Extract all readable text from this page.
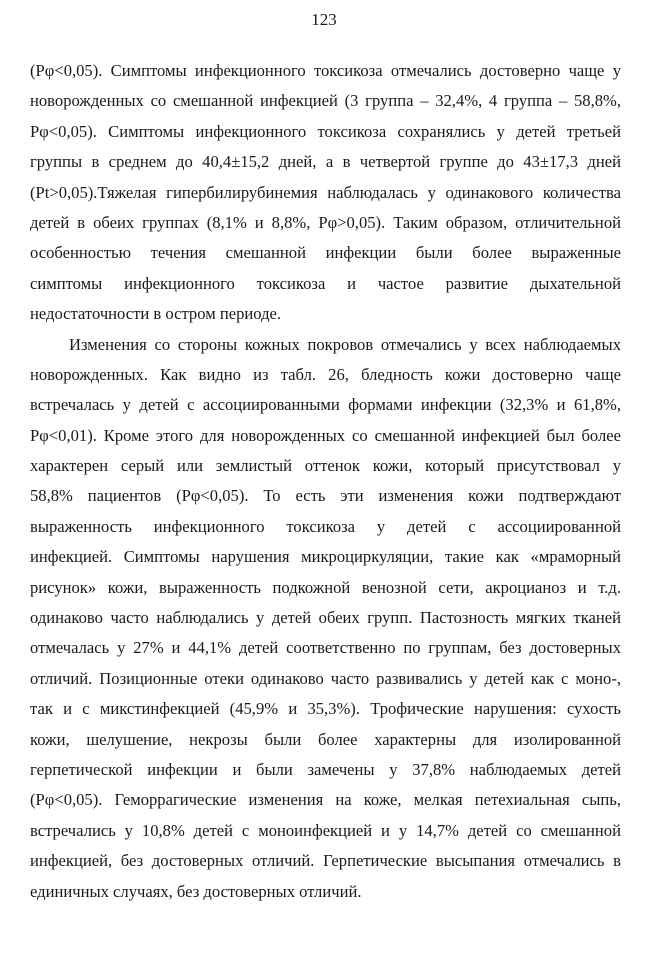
123
(Pφ<0,05). Симптомы инфекционного токсикоза отмечались достоверно чаще у
новорожденных со смешанной инфекцией (3 группа – 32,4%, 4 группа – 58,8%,
Pφ<0,05). Симптомы инфекционного токсикоза сохранялись у детей третьей
группы в среднем до 40,4±15,2 дней, а в четвертой группе до 43±17,3 дней
(Pt>0,05).Тяжелая гипербилирубинемия наблюдалась у одинакового количества
детей в обеих группах (8,1% и 8,8%, Pφ>0,05). Таким образом, отличительной
особенностью течения смешанной инфекции были более выраженные
симптомы инфекционного токсикоза и частое развитие дыхательной
недостаточности в остром периоде.
Изменения со стороны кожных покровов отмечались у всех наблюдаемых
новорожденных. Как видно из табл. 26, бледность кожи достоверно чаще
встречалась у детей с ассоциированными формами инфекции (32,3% и 61,8%,
Pφ<0,01). Кроме этого для новорожденных со смешанной инфекцией был более
характерен серый или землистый оттенок кожи, который присутствовал у
58,8% пациентов (Pφ<0,05). То есть эти изменения кожи подтверждают
выраженность инфекционного токсикоза у детей с ассоциированной
инфекцией. Симптомы нарушения микроциркуляции, такие как «мраморный
рисунок» кожи, выраженность подкожной венозной сети, акроцианоз и т.д.
одинаково часто наблюдались у детей обеих групп. Пастозность мягких тканей
отмечалась у 27% и 44,1% детей соответственно по группам, без достоверных
отличий. Позиционные отеки одинаково часто развивались у детей как с моно-,
так и с микстинфекцией (45,9% и 35,3%). Трофические нарушения: сухость
кожи, шелушение, некрозы были более характерны для изолированной
герпетической инфекции и были замечены у 37,8% наблюдаемых детей
(Pφ<0,05). Геморрагические изменения на коже, мелкая петехиальная сыпь,
встречались у 10,8% детей с моноинфекцией и у 14,7% детей со смешанной
инфекцией, без достоверных отличий. Герпетические высыпания отмечались в
единичных случаях, без достоверных отличий.
